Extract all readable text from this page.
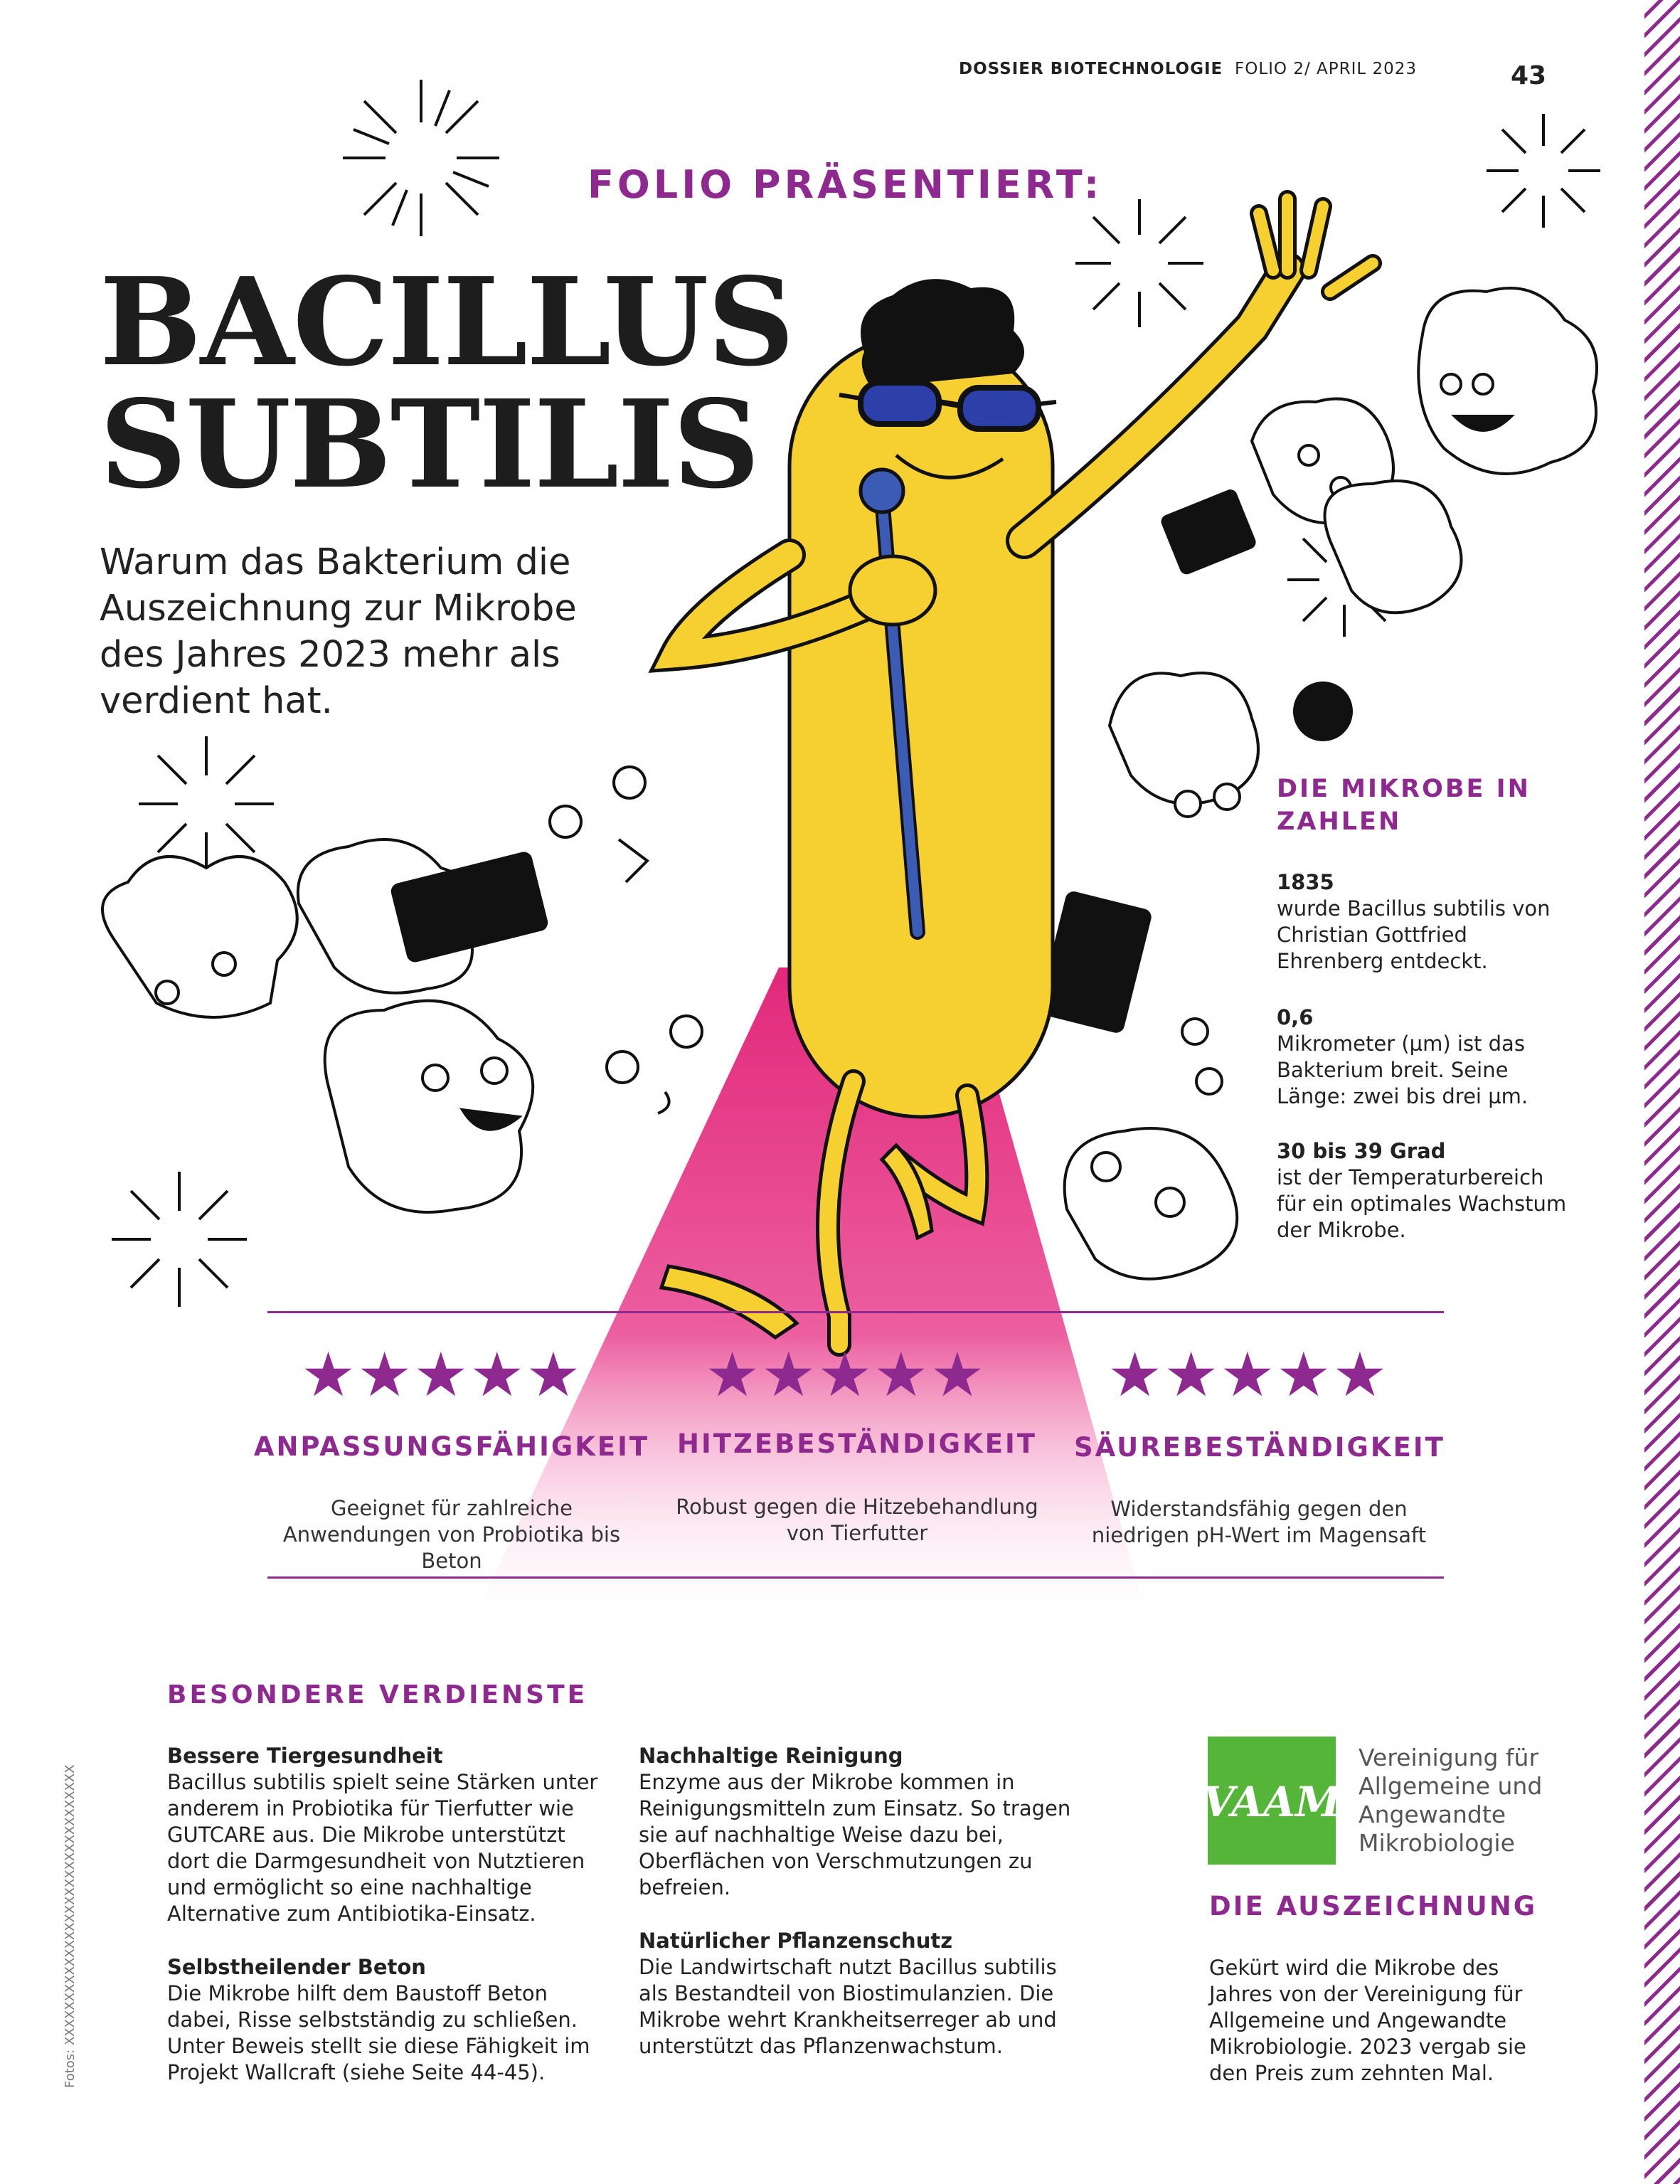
DOSSIER BIOTECHNOLOGIE FOLIO 2/ APRIL 2023	43
FOLIO PRÄSENTIERT:
BACILLUS
SUBTILIS
Warum das Bakterium die Auszeichnung zur Mikrobe des Jahres 2023 mehr als verdient hat.
DIE MIKROBE IN ZAHLEN
1835
wurde Bacillus subtilis von Christian Gottfried Ehrenberg entdeckt.
0,6
Mikrometer (µm) ist das Bakterium breit. Seine Länge: zwei bis drei µm.
30 bis 39 Grad
ist der Temperaturbereich für ein optimales Wachstum der Mikrobe.
★★★★★
ANPASSUNGSFÄHIGKEIT
Geeignet für zahlreiche Anwendungen von Probiotika bis Beton
★★★★★
HITZEBESTÄNDIGKEIT
Robust gegen die Hitzebehandlung von Tierfutter
★★★★★
SÄUREBESTÄNDIGKEIT
Widerstandsfähig gegen den niedrigen pH-Wert im Magensaft
BESONDERE VERDIENSTE

Bessere Tiergesundheit
Bacillus subtilis spielt seine Stärken unter anderem in Probiotika für Tierfutter wie GUTCARE aus. Die Mikrobe unterstützt dort die Darmgesundheit von Nutztieren und ermöglicht so eine nachhaltige Alternative zum Antibiotika-Einsatz.

Selbstheilender Beton
Die Mikrobe hilft dem Baustoff Beton dabei, Risse selbstständig zu schließen. Unter Beweis stellt sie diese Fähigkeit im Projekt Wallcraft (siehe Seite 44-45).

Nachhaltige Reinigung
Enzyme aus der Mikrobe kommen in Reinigungsmitteln zum Einsatz. So tragen sie auf nachhaltige Weise dazu bei, Oberflächen von Verschmutzungen zu befreien.

Natürlicher Pflanzenschutz
Die Landwirtschaft nutzt Bacillus subtilis als Bestandteil von Biostimulanzien. Die Mikrobe wehrt Krankheitserreger ab und unterstützt das Pflanzenwachstum.

VAAM
Vereinigung für
Allgemeine und
Angewandte
Mikrobiologie
DIE AUSZEICHNUNG
Gekürt wird die Mikrobe des Jahres von der Vereinigung für Allgemeine und Angewandte Mikrobiologie. 2023 vergab sie den Preis zum zehnten Mal.
Fotos: XXXXXXXXXXXXXXXXXXXXXXXXXXXXXXXX
